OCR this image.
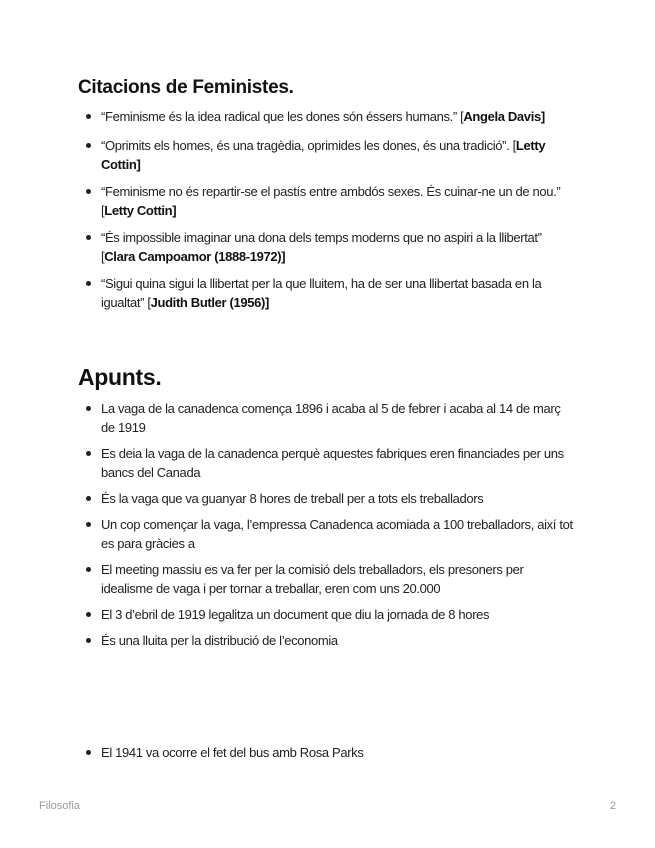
Citacions de Feministes.
“Feminisme és la idea radical que les dones són éssers humans.” [Angela Davis]
“Oprimits els homes, és una tragèdia, oprimides les dones, és una tradició”. [Letty Cottin]
“Feminisme no és repartir-se el pastís entre ambdós sexes. És cuinar-ne un de nou.” [Letty Cottin]
“És impossible imaginar una dona dels temps moderns que no aspiri a la llibertat” [Clara Campoamor (1888-1972)]
“Sigui quina sigui la llibertat per la que lluitem, ha de ser una llibertat basada en la igualtat” [Judith Butler (1956)]
Apunts.
La vaga de la canadenca comença 1896 i acaba al 5 de febrer i acaba al 14 de març de 1919
Es deia la vaga de la canadenca perquè aquestes fabriques eren financiades per uns bancs del Canada
És la vaga que va guanyar 8 hores de treball per a tots els treballadors
Un cop començar la vaga, l’empressa Canadenca acomiada a 100 treballadors, així tot es para gràcies a
El meeting massiu es va fer per la comisió dels treballadors, els presoners per idealisme de vaga i per tornar a treballar, eren com uns 20.000
El 3 d’ebril de 1919 legalitza un document que diu la jornada de 8 hores
És una lluita per la distribució de l’economia
El 1941 va ocorre el fet del bus amb Rosa Parks
Filosofia	2
